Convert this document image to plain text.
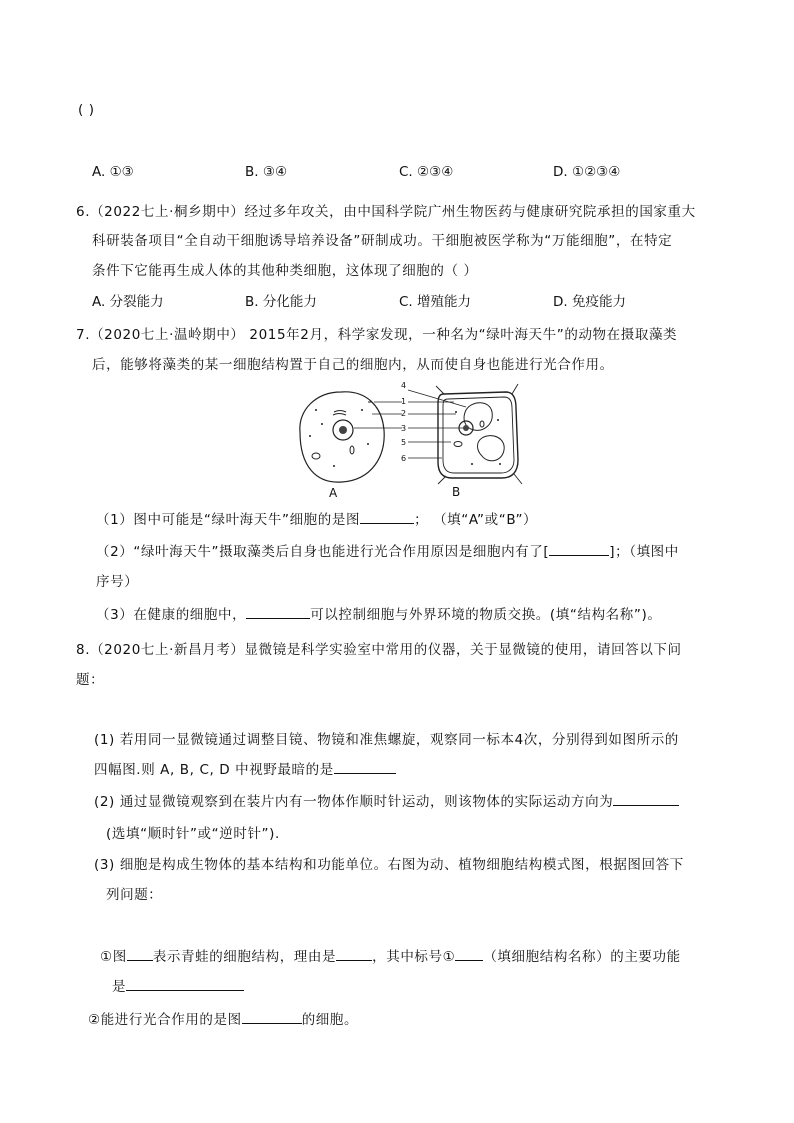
( )
A. ①③	B. ③④	C. ②③④	D. ①②③④
6.（2022七上·桐乡期中）经过多年攻关，由中国科学院广州生物医药与健康研究院承担的国家重大
科研装备项目“全自动干细胞诱导培养设备”研制成功。干细胞被医学称为“万能细胞”，在特定
条件下它能再生成人体的其他种类细胞，这体现了细胞的（ ）
A. 分裂能力	B. 分化能力	C. 增殖能力	D. 免疫能力
7.（2020七上·温岭期中） 2015年2月，科学家发现，一种名为“绿叶海天牛”的动物在摄取藻类
后，能够将藻类的某一细胞结构置于自己的细胞内，从而使自身也能进行光合作用。
A
4
1
2
3
5
6
B
（1）图中可能是“绿叶海天牛”细胞的是图	； （填“A”或“B”）
（2）“绿叶海天牛”摄取藻类后自身也能进行光合作用原因是细胞内有了[	]；（填图中
序号）
（3）在健康的细胞中，	可以控制细胞与外界环境的物质交换。(填“结构名称”)。
8.（2020七上·新昌月考）显微镜是科学实验室中常用的仪器，关于显微镜的使用，请回答以下问
题：
(1) 若用同一显微镜通过调整目镜、物镜和准焦螺旋，观察同一标本4次，分别得到如图所示的
四幅图.则 A, B, C, D 中视野最暗的是
(2) 通过显微镜观察到在装片内有一物体作顺时针运动，则该物体的实际运动方向为
(选填“顺时针”或“逆时针”).
(3) 细胞是构成生物体的基本结构和功能单位。右图为动、植物细胞结构模式图，根据图回答下
列问题：
①图 表示青蛙的细胞结构，理由是	，其中标号① （填细胞结构名称）的主要功能
是
②能进行光合作用的是图	的细胞。
